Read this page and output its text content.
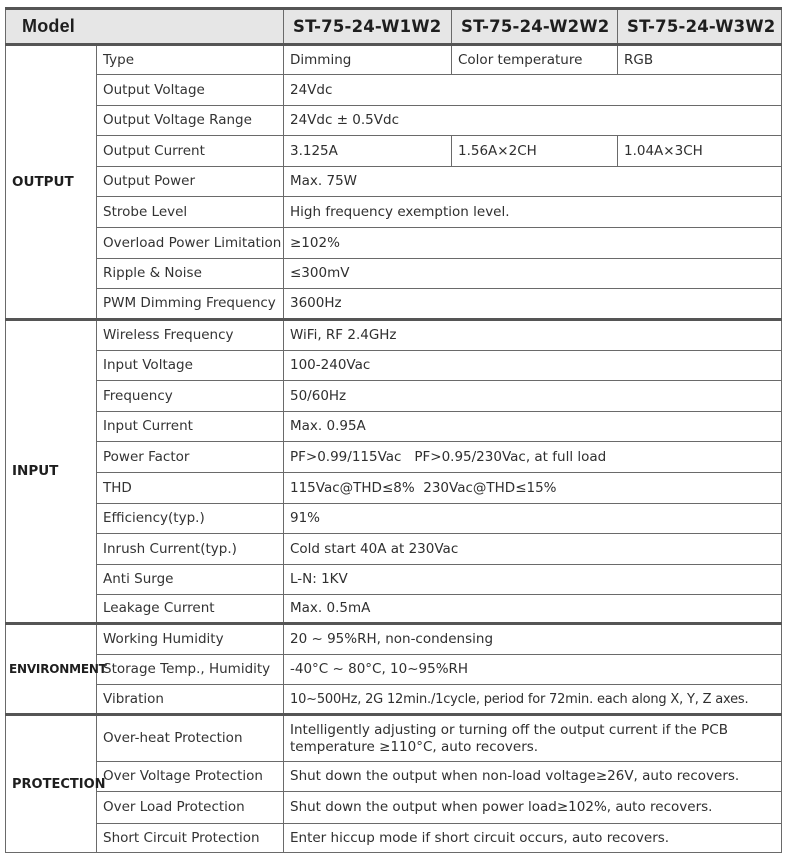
Model		ST-75-24-W1W2	ST-75-24-W2W2	ST-75-24-W3W2
OUTPUT	Type	Dimming	Color temperature	RGB
	Output Voltage	24Vdc		
	Output Voltage Range	24Vdc ± 0.5Vdc		
	Output Current	3.125A	1.56A×2CH	1.04A×3CH
	Output Power	Max. 75W		
	Strobe Level	High frequency exemption level.		
	Overload Power Limitation	≥102%		
	Ripple & Noise	≤300mV		
	PWM Dimming Frequency	3600Hz		
INPUT	Wireless Frequency	WiFi, RF 2.4GHz		
	Input Voltage	100-240Vac		
	Frequency	50/60Hz		
	Input Current	Max. 0.95A		
	Power Factor	PF>0.99/115Vac   PF>0.95/230Vac, at full load		
	THD	115Vac@THD≤8%  230Vac@THD≤15%		
	Efficiency(typ.)	91%		
	Inrush Current(typ.)	Cold start 40A at 230Vac		
	Anti Surge	L-N: 1KV		
	Leakage Current	Max. 0.5mA		
ENVIRONMENT	Working Humidity	20 ~ 95%RH, non-condensing		
	Storage Temp., Humidity	-40°C ~ 80°C, 10~95%RH		
	Vibration	10~500Hz, 2G 12min./1cycle, period for 72min. each along X, Y, Z axes.		
PROTECTION	Over-heat Protection	Intelligently adjusting or turning off the output current if the PCB temperature ≥110°C, auto recovers.		
	Over Voltage Protection	Shut down the output when non-load voltage≥26V, auto recovers.		
	Over Load Protection	Shut down the output when power load≥102%, auto recovers.		
	Short Circuit Protection	Enter hiccup mode if short circuit occurs, auto recovers.		
